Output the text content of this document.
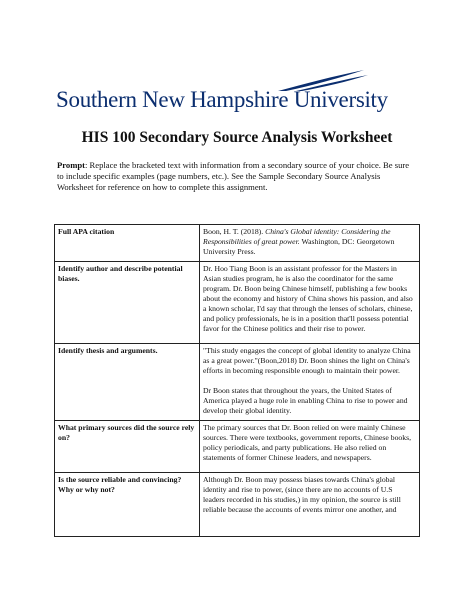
Southern New Hampshire University
HIS 100 Secondary Source Analysis Worksheet
Prompt: Replace the bracketed text with information from a secondary source of your choice. Be sure to include specific examples (page numbers, etc.). See the Sample Secondary Source Analysis Worksheet for reference on how to complete this assignment.
Full APA citation	Boon, H. T. (2018). China's Global identity: Considering the Responsibilities of great power. Washington, DC: Georgetown University Press.
Identify author and describe potential biases.	Dr. Hoo Tiang Boon is an assistant professor for the Masters in Asian studies program, he is also the coordinator for the same program. Dr. Boon being Chinese himself, publishing a few books about the economy and history of China shows his passion, and also a known scholar, I'd say that through the lenses of scholars, chinese, and policy professionals, he is in a position that'll possess potential favor for the Chinese politics and their rise to power.
Identify thesis and arguments.	"This study engages the concept of global identity to analyze China as a great power."(Boon,2018) Dr. Boon shines the light on China's efforts in becoming responsible enough to maintain their power.

Dr Boon states that throughout the years, the United States of America played a huge role in enabling China to rise to power and develop their global identity.

What primary sources did the source rely on?	The primary sources that Dr. Boon relied on were mainly Chinese sources. There were textbooks, government reports, Chinese books, policy periodicals, and party publications. He also relied on statements of former Chinese leaders, and newspapers.
Is the source reliable and convincing? Why or why not?	Although Dr. Boon may possess biases towards China's global identity and rise to power, (since there are no accounts of U.S leaders recorded in his studies,) in my opinion, the source is still reliable because the accounts of events mirror one another, and
